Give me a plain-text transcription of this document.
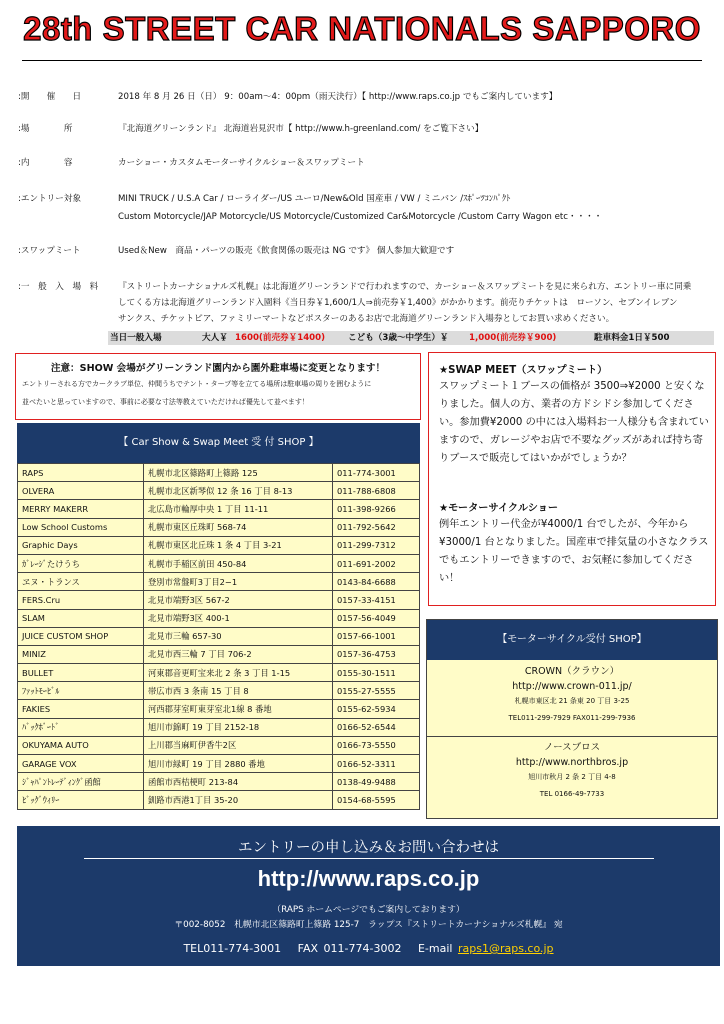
28th STREET CAR NATIONALS SAPPORO
:開　　催　　日	2018 年 8 月 26 日（日） 9：00am〜4：00pm（雨天決行）【 http://www.raps.co.jp でもご案内しています】
:場　　　　所	『北海道グリーンランド』 北海道岩見沢市【 http://www.h-greenland.com/ をご覧下さい】
:内　　　　容	カーショー・カスタムモーターサイクルショー＆スワップミート
:エントリー対象	MINI TRUCK / U.S.A Car / ローライダー/US ユーロ/New&Old 国産車 / VW / ミニバン /ｽﾎﾟｰﾂｺﾝﾊﾟｸﾄ
Custom Motorcycle/JAP Motorcycle/US Motorcycle/Customized Car&Motorcycle /Custom Carry Wagon etc・・・・
:スワップミート	Used＆New　商品・パーツの販売《飲食関係の販売は NG です》 個人参加大歓迎です
:一　般　入　場　料	『ストリートカーナショナルズ札幌』は北海道グリーンランドで行われますので、カーショー＆スワップミートを見に来られ方、エントリー車に同乗
してくる方は北海道グリーンランド入園料《当日券￥1,600/1人⇒前売券￥1,400》がかかります。前売りチケットは　ローソン、セブンイレブン
サンクス、チケットピア、ファミリーマートなどポスターのあるお店で北海道グリーンランド入場券としてお買い求めください。
当日一般入場	大人￥ 1600(前売券￥1400)	こども（3歳〜中学生）￥ 1,000(前売券￥900)	駐車料金1日￥500
注意：SHOW 会場がグリーンランド園内から園外駐車場に変更となります！
エントリーされる方でカークラブ単位、仲間うちでテント・タープ等を立てる場所は駐車場の周りを囲むように
並べたいと思っていますので、事前に必要な寸法等教えていただければ優先して並べます！
【 Car Show & Swap Meet 受 付 SHOP 】
RAPS	札幌市北区篠路町上篠路 125	011-774-3001
OLVERA	札幌市北区新琴似 12 条 16 丁目 8-13	011-788-6808
MERRY MAKERR	北広島市輪厚中央 1 丁目 11-11	011-398-9266
Low School Customs	札幌市東区丘珠町 568-74	011-792-5642
Graphic Days	札幌市東区北丘珠 1 条 4 丁目 3-21	011-299-7312
ｶﾞﾚｰｼﾞたけうち	札幌市手稲区前田 450-84	011-691-2002
ヱヌ・トランス	登別市常盤町3丁目2−1	0143-84-6688
FERS.Cru	北見市端野3区 567-2	0157-33-4151
SLAM	北見市端野3区 400-1	0157-56-4049
JUICE CUSTOM SHOP	北見市三輪 657-30	0157-66-1001
MINIZ	北見市西三輪 7 丁目 706-2	0157-36-4753
BULLET	河東郡音更町宝来北 2 条 3 丁目 1-15	0155-30-1511
ﾌｧｯﾄﾓｰﾋﾞﾙ	帯広市西 3 条南 15 丁目 8	0155-27-5555
FAKIES	河西郡芽室町東芽室北1線 8 番地	0155-62-5934
ﾊﾞｯｸﾎﾞｰﾄﾞ	旭川市錦町 19 丁目 2152-18	0166-52-6544
OKUYAMA AUTO	上川郡当麻町伊香牛2区	0166-73-5550
GARAGE VOX	旭川市緑町 19 丁目 2880 番地	0166-52-3311
ｼﾞｬﾊﾟﾝﾄﾚｰﾃﾞｨﾝｸﾞ函館	函館市西桔梗町 213-84	0138-49-9488
ﾋﾞｯｸﾞｳｨﾘｰ	釧路市西港1丁目 35-20	0154-68-5595
★SWAP MEET（スワップミート）
スワップミート１ブースの価格が 3500⇒¥2000 と安くなりました。個人の方、業者の方ドシドシ参加してください。参加費¥2000 の中には入場料お一人様分も含まれていますので、ガレージやお店で不要なグッズがあれば持ち寄りブースで販売してはいかがでしょうか？
★モーターサイクルショー
例年エントリー代金が¥4000/1 台でしたが、今年から¥3000/1 台となりました。国産車で排気量の小さなクラスでもエントリーできますので、お気軽に参加してください！
【モーターサイクル受付 SHOP】
CROWN（クラウン）
http://www.crown-011.jp/
札幌市東区北 21 条東 20 丁目 3-25
TEL011-299-7929 FAX011-299-7936
ノースブロス
http://www.northbros.jp
旭川市秋月 2 条 2 丁目 4-8
TEL 0166-49-7733
エントリーの申し込み＆お問い合わせは
http://www.raps.co.jp
（RAPS ホームページでもご案内しております）
〒002-8052　札幌市北区篠路町上篠路 125-7　ラップス『ストリートカーナショナルズ札幌』 宛
TEL011-774-3001　 FAX 011-774-3002　 E-mail raps1@raps.co.jp
